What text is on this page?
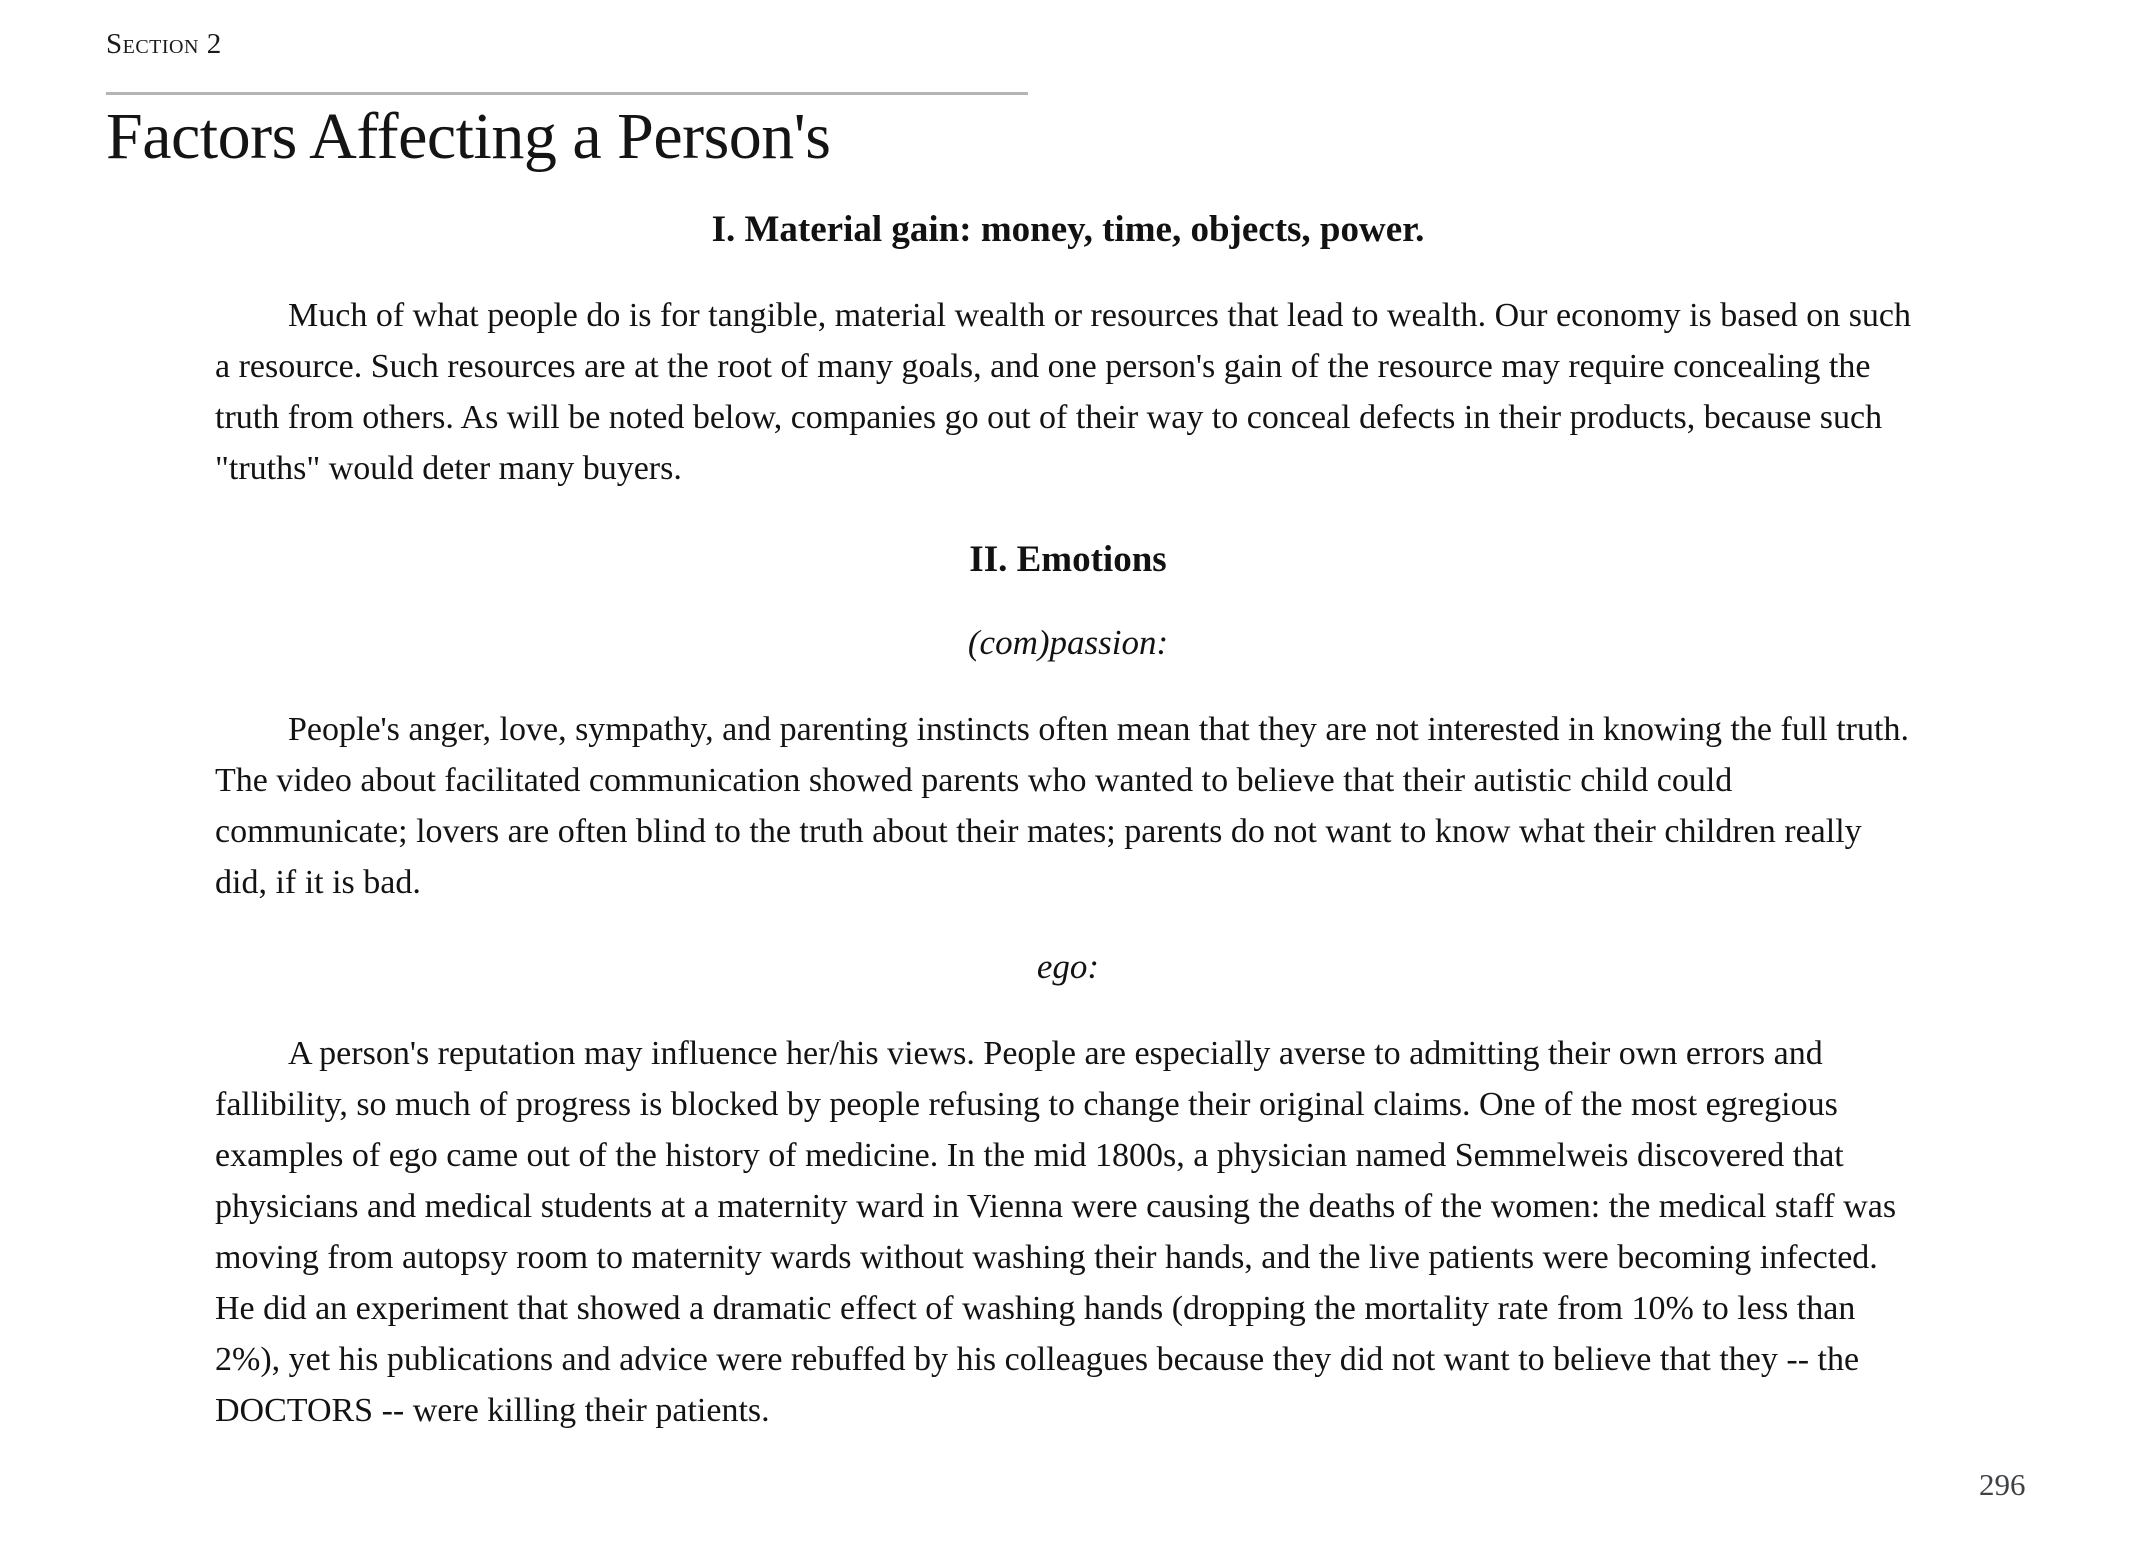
Section 2
Factors Affecting a Person's
I. Material gain: money, time, objects, power.

Much of what people do is for tangible, material wealth or resources that lead to wealth. Our economy is based on such a resource. Such resources are at the root of many goals, and one person's gain of the resource may require concealing the truth from others. As will be noted below, companies go out of their way to conceal defects in their products, because such "truths" would deter many buyers.

II. Emotions
(com)passion:

People's anger, love, sympathy, and parenting instincts often mean that they are not interested in knowing the full truth. The video about facilitated communication showed parents who wanted to believe that their autistic child could communicate; lovers are often blind to the truth about their mates; parents do not want to know what their children really did, if it is bad.

ego:

A person's reputation may influence her/his views. People are especially averse to admitting their own errors and fallibility, so much of progress is blocked by people refusing to change their original claims. One of the most egregious examples of ego came out of the history of medicine. In the mid 1800s, a physician named Semmelweis discovered that physicians and medical students at a maternity ward in Vienna were causing the deaths of the women: the medical staff was moving from autopsy room to maternity wards without washing their hands, and the live patients were becoming infected. He did an experiment that showed a dramatic effect of washing hands (dropping the mortality rate from 10% to less than 2%), yet his publications and advice were rebuffed by his colleagues because they did not want to believe that they -- the DOCTORS -- were killing their patients.

296
